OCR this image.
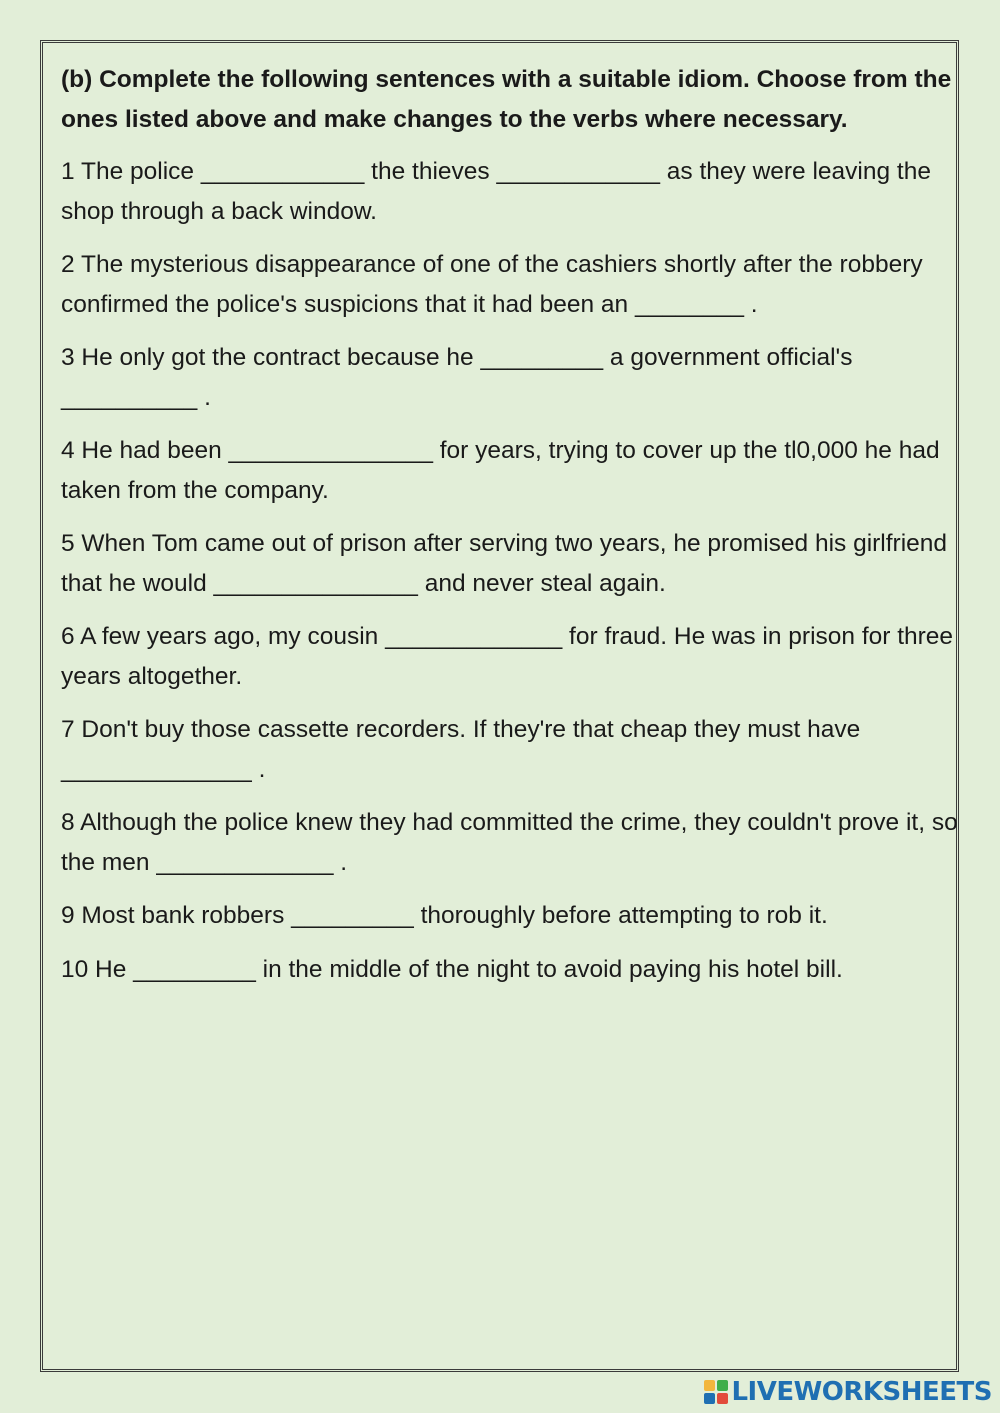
(b) Complete the following sentences with a suitable idiom. Choose from the ones listed above and make changes to the verbs where necessary.

1 The police ____________ the thieves ____________ as they were leaving the shop through a back window.

2 The mysterious disappearance of one of the cashiers shortly after the robbery confirmed the police's suspicions that it had been an ________ .

3 He only got the contract because he _________ a government official's __________ .

4 He had been _______________ for years, trying to cover up the tl0,000 he had taken from the company.

5 When Tom came out of prison after serving two years, he promised his girlfriend that he would _______________ and never steal again.

6 A few years ago, my cousin _____________ for fraud. He was in prison for three years altogether.

7 Don't buy those cassette recorders. If they're that cheap they must have ______________ .

8 Although the police knew they had committed the crime, they couldn't prove it, so the men _____________ .

9 Most bank robbers _________ thoroughly before attempting to rob it.

10 He _________ in the middle of the night to avoid paying his hotel bill.

LIVEWORKSHEETS
